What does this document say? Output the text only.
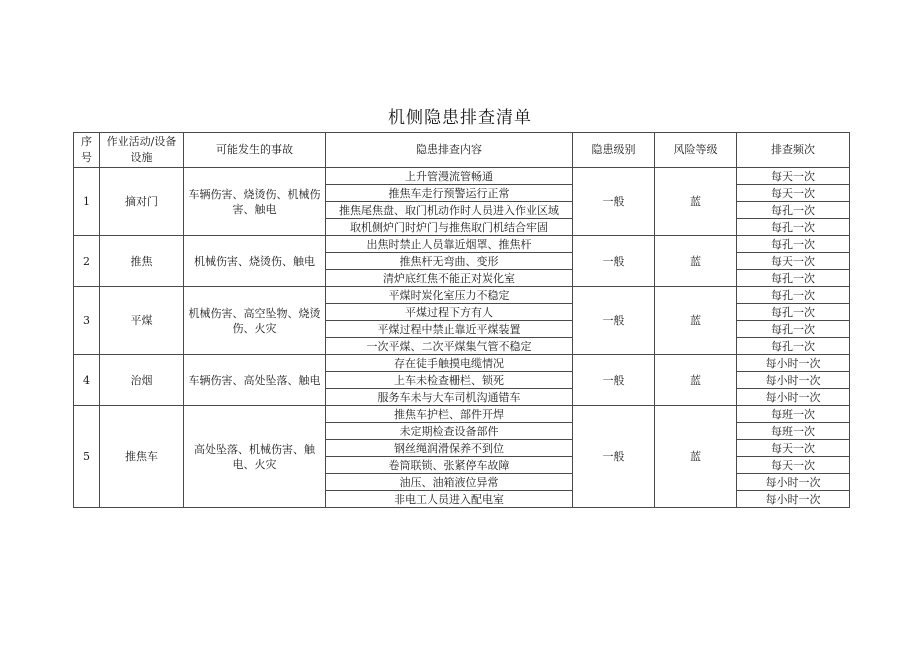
机侧隐患排查清单
序号	作业活动/设备设施	可能发生的事故	隐患排查内容	隐患级别	风险等级	排查频次
1	摘对门	车辆伤害、烧烫伤、机械伤害、触电	上升管漫流管畅通	一般	蓝	每天一次
			推焦车走行预警运行正常			每天一次
			推焦尾焦盘、取门机动作时人员进入作业区域			每孔一次
			取机侧炉门时炉门与推焦取门机结合牢固			每孔一次
2	推焦	机械伤害、烧烫伤、触电	出焦时禁止人员靠近烟罩、推焦杆	一般	蓝	每孔一次
			推焦杆无弯曲、变形			每天一次
			清炉底红焦不能正对炭化室			每孔一次
3	平煤	机械伤害、高空坠物、烧烫伤、火灾	平煤时炭化室压力不稳定	一般	蓝	每孔一次
			平煤过程下方有人			每孔一次
			平煤过程中禁止靠近平煤装置			每孔一次
			一次平煤、二次平煤集气管不稳定			每孔一次
4	治烟	车辆伤害、高处坠落、触电	存在徒手触摸电缆情况	一般	蓝	每小时一次
			上车未检查栅栏、锁死			每小时一次
			服务车未与大车司机沟通错车			每小时一次
5	推焦车	高处坠落、机械伤害、触电、火灾	推焦车护栏、部件开焊	一般	蓝	每班一次
			未定期检查设备部件			每班一次
			钢丝绳润滑保养不到位			每天一次
			卷筒联锁、张紧停车故障			每天一次
			油压、油箱液位异常			每小时一次
			非电工人员进入配电室			每小时一次
